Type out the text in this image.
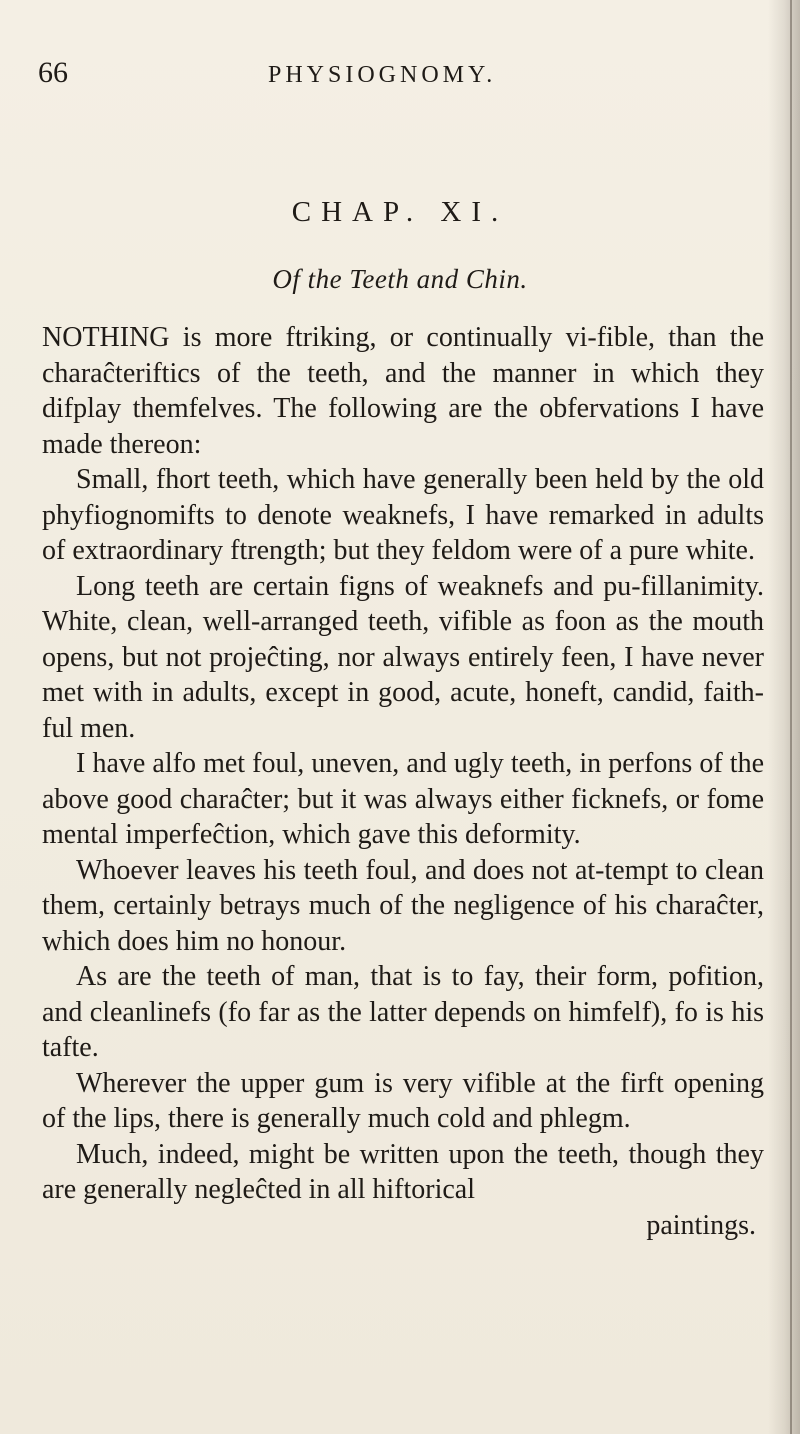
66	PHYSIOGNOMY.
CHAP. XI.
Of the Teeth and Chin.

NOTHING is more ftriking, or continually vi-fible, than the charaĉteriftics of the teeth, and the manner in which they difplay themfelves. The following are the obfervations I have made thereon:

Small, fhort teeth, which have generally been held by the old phyfiognomifts to denote weaknefs, I have remarked in adults of extraordinary ftrength; but they feldom were of a pure white.

Long teeth are certain figns of weaknefs and pu-fillanimity. White, clean, well-arranged teeth, vifible as foon as the mouth opens, but not projeĉting, nor always entirely feen, I have never met with in adults, except in good, acute, honeft, candid, faith-ful men.

I have alfo met foul, uneven, and ugly teeth, in perfons of the above good charaĉter; but it was always either ficknefs, or fome mental imperfeĉtion, which gave this deformity.

Whoever leaves his teeth foul, and does not at-tempt to clean them, certainly betrays much of the negligence of his charaĉter, which does him no honour.

As are the teeth of man, that is to fay, their form, pofition, and cleanlinefs (fo far as the latter depends on himfelf), fo is his tafte.

Wherever the upper gum is very vifible at the firft opening of the lips, there is generally much cold and phlegm.

Much, indeed, might be written upon the teeth, though they are generally negleĉted in all hiftorical

paintings.
